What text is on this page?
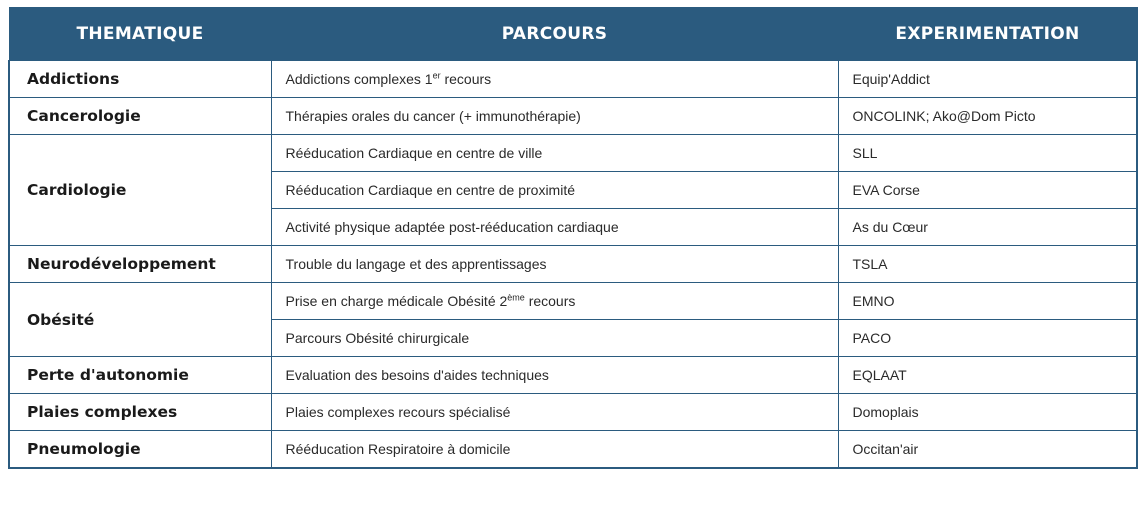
THEMATIQUE	PARCOURS	EXPERIMENTATION
Addictions	Addictions complexes 1er recours	Equip'Addict
Cancerologie	Thérapies orales du cancer (+ immunothérapie)	ONCOLINK; Ako@Dom Picto
Cardiologie	Rééducation Cardiaque en centre de ville	SLL
	Rééducation Cardiaque en centre de proximité	EVA Corse
	Activité physique adaptée post-rééducation cardiaque	As du Cœur
Neurodéveloppement	Trouble du langage et des apprentissages	TSLA
Obésité	Prise en charge médicale Obésité 2ème recours	EMNO
	Parcours Obésité chirurgicale	PACO
Perte d'autonomie	Evaluation des besoins d'aides techniques	EQLAAT
Plaies complexes	Plaies complexes recours spécialisé	Domoplais
Pneumologie	Rééducation Respiratoire à domicile	Occitan'air
